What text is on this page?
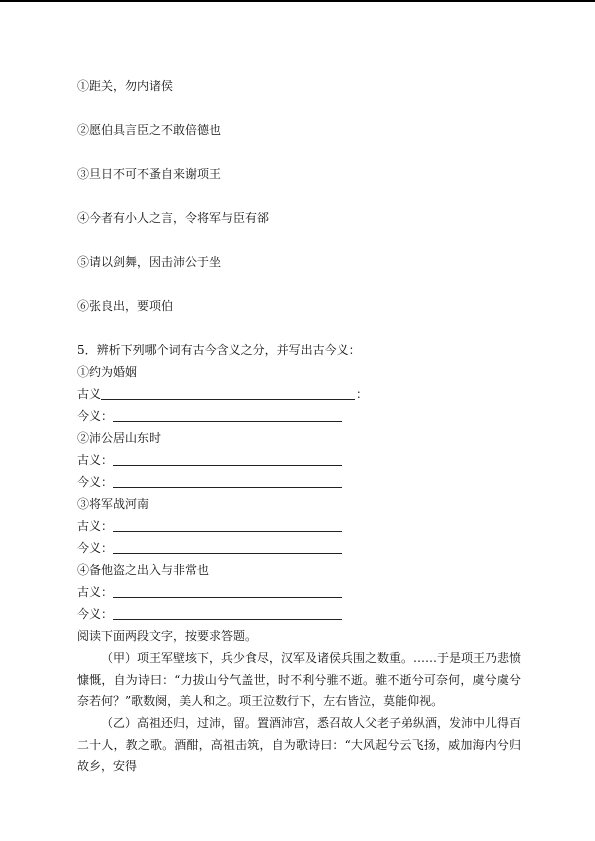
①距关，勿内诸侯
②愿伯具言臣之不敢倍德也
③旦日不可不蚤自来谢项王
④今者有小人之言，令将军与臣有郤
⑤请以剑舞，因击沛公于坐
⑥张良出，要项伯
5．辨析下列哪个词有古今含义之分，并写出古今义：
①约为婚姻
古义	：
今义：
②沛公居山东时
古义：
今义：
③将军战河南
古义：
今义：
④备他盗之出入与非常也
古义：
今义：
阅读下面两段文字，按要求答题。
（甲）项王军壁垓下，兵少食尽，汉军及诸侯兵围之数重。……于是项王乃悲愤慷慨，自为诗曰：“力拔山兮气盖世，时不利兮骓不逝。骓不逝兮可奈何，虞兮虞兮奈若何？”歌数阕，美人和之。项王泣数行下，左右皆泣，莫能仰视。
（乙）高祖还归，过沛，留。置酒沛宫，悉召故人父老子弟纵酒，发沛中儿得百二十人，教之歌。酒酣，高祖击筑，自为歌诗曰：“大风起兮云飞扬，威加海内兮归故乡，安得
